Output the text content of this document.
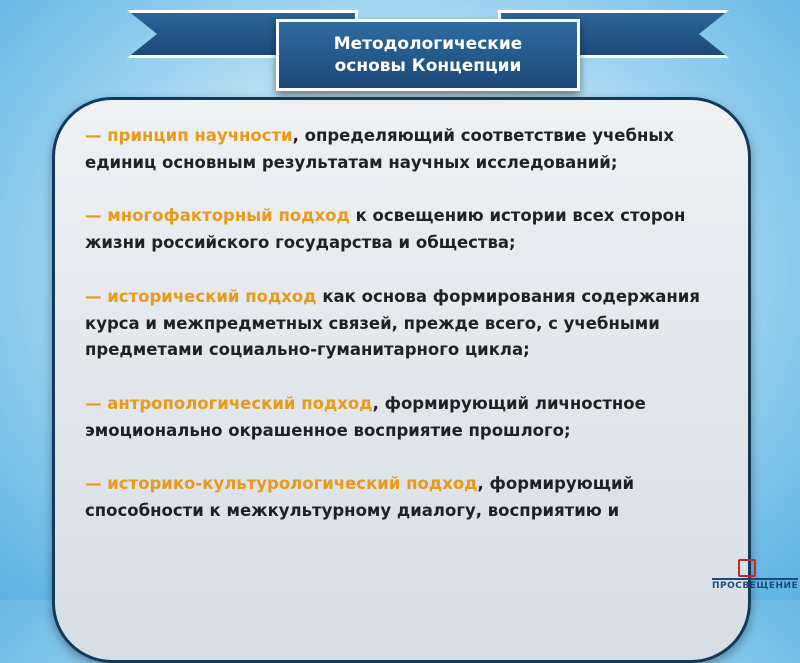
Методологические
основы Концепции
— принцип научности, определяющий соответствие учебных единиц основным результатам научных исследований;
— многофакторный подход к освещению истории всех сторон жизни российского государства и общества;
— исторический подход как основа формирования содержания курса и межпредметных связей, прежде всего, с учебными предметами социально-гуманитарного цикла;
— антропологический подход, формирующий личностное эмоционально окрашенное восприятие прошлого;
— историко-культурологический подход, формирующий способности к межкультурному диалогу, восприятию и
ПРОСВЕЩЕНИЕ
